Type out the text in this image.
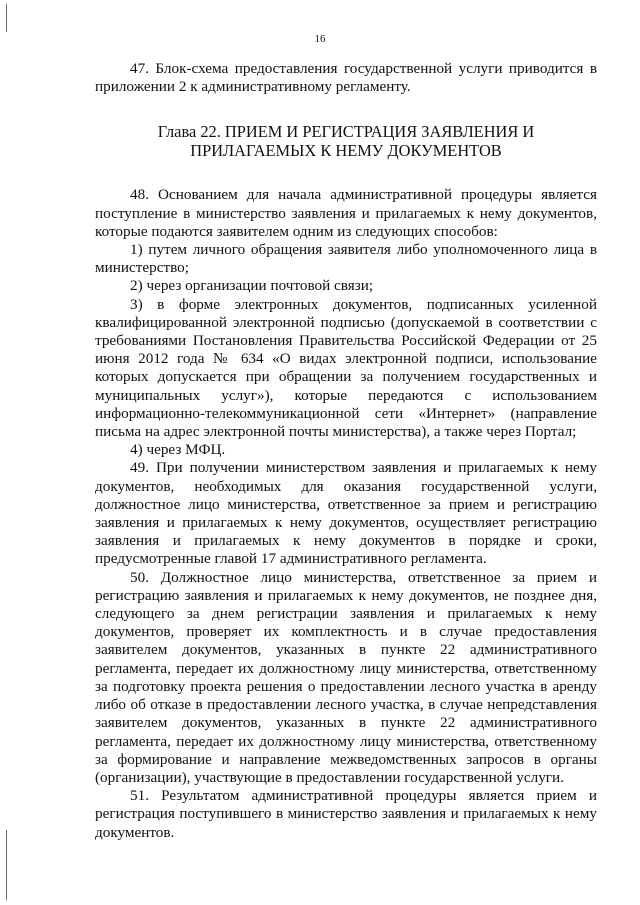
16

47. Блок-схема предоставления государственной услуги приводится в приложении 2 к административному регламенту.

Глава 22. ПРИЕМ И РЕГИСТРАЦИЯ ЗАЯВЛЕНИЯ И
ПРИЛАГАЕМЫХ К НЕМУ ДОКУМЕНТОВ

48. Основанием для начала административной процедуры является поступление в министерство заявления и прилагаемых к нему документов, которые подаются заявителем одним из следующих способов:

1) путем личного обращения заявителя либо уполномоченного лица в министерство;

2) через организации почтовой связи;

3) в форме электронных документов, подписанных усиленной квалифицированной электронной подписью (допускаемой в соответствии с требованиями Постановления Правительства Российской Федерации от 25 июня 2012 года № 634 «О видах электронной подписи, использование которых допускается при обращении за получением государственных и муниципальных услуг»), которые передаются с использованием информационно-телекоммуникационной сети «Интернет» (направление письма на адрес электронной почты министерства), а также через Портал;

4) через МФЦ.

49. При получении министерством заявления и прилагаемых к нему документов, необходимых для оказания государственной услуги, должностное лицо министерства, ответственное за прием и регистрацию заявления и прилагаемых к нему документов, осуществляет регистрацию заявления и прилагаемых к нему документов в порядке и сроки, предусмотренные главой 17 административного регламента.

50. Должностное лицо министерства, ответственное за прием и регистрацию заявления и прилагаемых к нему документов, не позднее дня, следующего за днем регистрации заявления и прилагаемых к нему документов, проверяет их комплектность и в случае предоставления заявителем документов, указанных в пункте 22 административного регламента, передает их должностному лицу министерства, ответственному за подготовку проекта решения о предоставлении лесного участка в аренду либо об отказе в предоставлении лесного участка, в случае непредставления заявителем документов, указанных в пункте 22 административного регламента, передает их должностному лицу министерства, ответственному за формирование и направление межведомственных запросов в органы (организации), участвующие в предоставлении государственной услуги.

51. Результатом административной процедуры является прием и регистрация поступившего в министерство заявления и прилагаемых к нему документов.
